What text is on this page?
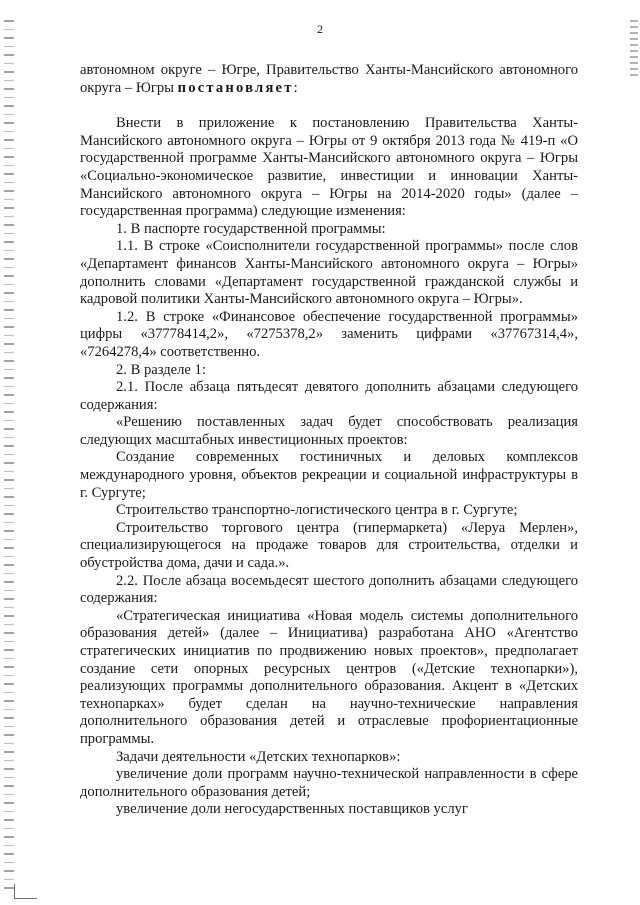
2

автономном округе – Югре, Правительство Ханты-Мансийского автономного округа – Югры постановляет:

Внести в приложение к постановлению Правительства Ханты-Мансийского автономного округа – Югры от 9 октября 2013 года № 419-п «О государственной программе Ханты-Мансийского автономного округа – Югры «Социально-экономическое развитие, инвестиции и инновации Ханты-Мансийского автономного округа – Югры на 2014-2020 годы» (далее – государственная программа) следующие изменения:

1. В паспорте государственной программы:

1.1. В строке «Соисполнители государственной программы» после слов «Департамент финансов Ханты-Мансийского автономного округа – Югры» дополнить словами «Департамент государственной гражданской службы и кадровой политики Ханты-Мансийского автономного округа – Югры».

1.2. В строке «Финансовое обеспечение государственной программы» цифры «37778414,2», «7275378,2» заменить цифрами «37767314,4», «7264278,4» соответственно.

2. В разделе 1:

2.1. После абзаца пятьдесят девятого дополнить абзацами следующего содержания:

«Решению поставленных задач будет способствовать реализация следующих масштабных инвестиционных проектов:

Создание современных гостиничных и деловых комплексов международного уровня, объектов рекреации и социальной инфраструктуры в г. Сургуте;

Строительство транспортно-логистического центра в г. Сургуте;

Строительство торгового центра (гипермаркета) «Леруа Мерлен», специализирующегося на продаже товаров для строительства, отделки и обустройства дома, дачи и сада.».

2.2. После абзаца восемьдесят шестого дополнить абзацами следующего содержания:

«Стратегическая инициатива «Новая модель системы дополнительного образования детей» (далее – Инициатива) разработана АНО «Агентство стратегических инициатив по продвижению новых проектов», предполагает создание сети опорных ресурсных центров («Детские технопарки»), реализующих программы дополнительного образования. Акцент в «Детских технопарках» будет сделан на научно-технические направления дополнительного образования детей и отраслевые профориентационные программы.

Задачи деятельности «Детских технопарков»:

увеличение доли программ научно-технической направленности в сфере дополнительного образования детей;

увеличение доли негосударственных поставщиков услуг
